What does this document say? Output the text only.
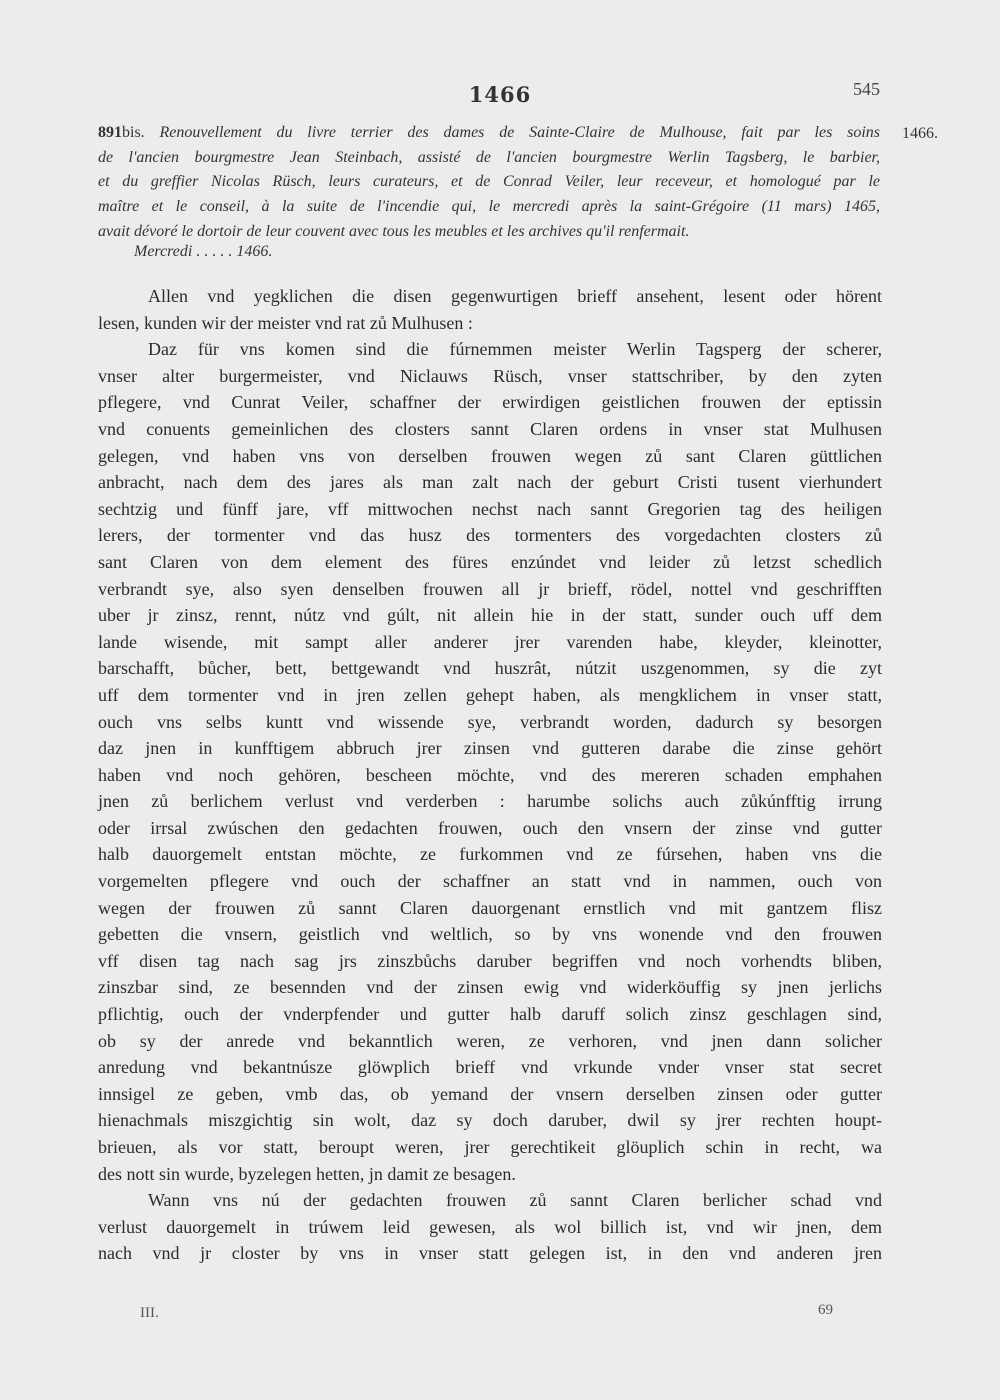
1466	545
1466.
891bis. Renouvellement du livre terrier des dames de Sainte-Claire de Mulhouse, fait par les soins
de l'ancien bourgmestre Jean Steinbach, assisté de l'ancien bourgmestre Werlin Tagsberg, le barbier,
et du greffier Nicolas Rüsch, leurs curateurs, et de Conrad Veiler, leur receveur, et homologué par le
maître et le conseil, à la suite de l'incendie qui, le mercredi après la saint-Grégoire (11 mars) 1465,
avait dévoré le dortoir de leur couvent avec tous les meubles et les archives qu'il renfermait.
Mercredi . . . . . 1466.
Allen vnd yegklichen die disen gegenwurtigen brieff ansehent, lesent oder hörent
lesen, kunden wir der meister vnd rat zů Mulhusen :
Daz für vns komen sind die fúrnemmen meister Werlin Tagsperg der scherer,
vnser alter burgermeister, vnd Niclauws Rüsch, vnser stattschriber, by den zyten
pflegere, vnd Cunrat Veiler, schaffner der erwirdigen geistlichen frouwen der eptissin
vnd conuents gemeinlichen des closters sannt Claren ordens in vnser stat Mulhusen
gelegen, vnd haben vns von derselben frouwen wegen zů sant Claren güttlichen
anbracht, nach dem des jares als man zalt nach der geburt Cristi tusent vierhundert
sechtzig und fünff jare, vff mittwochen nechst nach sannt Gregorien tag des heiligen
lerers, der tormenter vnd das husz des tormenters des vorgedachten closters zů
sant Claren von dem element des füres enzúndet vnd leider zů letzst schedlich
verbrandt sye, also syen denselben frouwen all jr brieff, rödel, nottel vnd geschrifften
uber jr zinsz, rennt, nútz vnd gúlt, nit allein hie in der statt, sunder ouch uff dem
lande wisende, mit sampt aller anderer jrer varenden habe, kleyder, kleinotter,
barschafft, bůcher, bett, bettgewandt vnd huszrât, nútzit uszgenommen, sy die zyt
uff dem tormenter vnd in jren zellen gehept haben, als mengklichem in vnser statt,
ouch vns selbs kuntt vnd wissende sye, verbrandt worden, dadurch sy besorgen
daz jnen in kunfftigem abbruch jrer zinsen vnd gutteren darabe die zinse gehört
haben vnd noch gehören, bescheen möchte, vnd des mereren schaden emphahen
jnen zů berlichem verlust vnd verderben : harumbe solichs auch zůkúnfftig irrung
oder irrsal zwúschen den gedachten frouwen, ouch den vnsern der zinse vnd gutter
halb dauorgemelt entstan möchte, ze furkommen vnd ze fúrsehen, haben vns die
vorgemelten pflegere vnd ouch der schaffner an statt vnd in nammen, ouch von
wegen der frouwen zů sannt Claren dauorgenant ernstlich vnd mit gantzem flisz
gebetten die vnsern, geistlich vnd weltlich, so by vns wonende vnd den frouwen
vff disen tag nach sag jrs zinszbůchs daruber begriffen vnd noch vorhendts bliben,
zinszbar sind, ze besennden vnd der zinsen ewig vnd widerköuffig sy jnen jerlichs
pflichtig, ouch der vnderpfender und gutter halb daruff solich zinsz geschlagen sind,
ob sy der anrede vnd bekanntlich weren, ze verhoren, vnd jnen dann solicher
anredung vnd bekantnúsze glöwplich brieff vnd vrkunde vnder vnser stat secret
innsigel ze geben, vmb das, ob yemand der vnsern derselben zinsen oder gutter
hienachmals miszgichtig sin wolt, daz sy doch daruber, dwil sy jrer rechten houpt-
brieuen, als vor statt, beroupt weren, jrer gerechtikeit glöuplich schin in recht, wa
des nott sin wurde, byzelegen hetten, jn damit ze besagen.
Wann vns nú der gedachten frouwen zů sannt Claren berlicher schad vnd
verlust dauorgemelt in trúwem leid gewesen, als wol billich ist, vnd wir jnen, dem
nach vnd jr closter by vns in vnser statt gelegen ist, in den vnd anderen jren
III.	69
